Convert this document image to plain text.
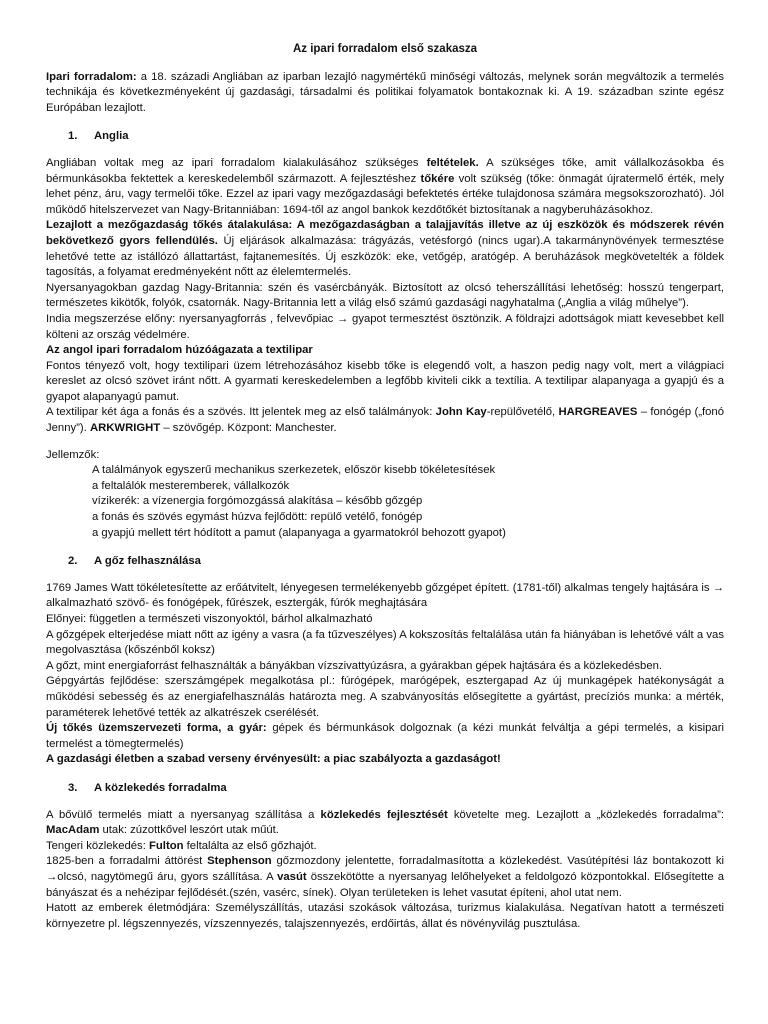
Az ipari forradalom első szakasza

Ipari forradalom: a 18. századi Angliában az iparban lezajló nagymértékű minőségi változás, melynek során megváltozik a termelés technikája és következményeként új gazdasági, társadalmi és politikai folyamatok bontakoznak ki. A 19. században szinte egész Európában lezajlott.

1. Anglia

Angliában voltak meg az ipari forradalom kialakulásához szükséges feltételek. A szükséges tőke, amit vállalkozásokba és bérmunkásokba fektettek a kereskedelemből származott. A fejlesztéshez tőkére volt szükség (tőke: önmagát újratermelő érték, mely lehet pénz, áru, vagy termelői tőke. Ezzel az ipari vagy mezőgazdasági befektetés értéke tulajdonosa számára megsokszorozható). Jól működő hitelszervezet van Nagy-Britanniában: 1694-től az angol bankok kezdőtőkét biztosítanak a nagyberuházásokhoz.

Lezajlott a mezőgazdaság tőkés átalakulása: A mezőgazdaságban a talajjavítás illetve az új eszközök és módszerek révén bekövetkező gyors fellendülés. Új eljárások alkalmazása: trágyázás, vetésforgó (nincs ugar).A takarmánynövények termesztése lehetővé tette az istállózó állattartást, fajtanemesítés. Új eszközök: eke, vetőgép, aratógép. A beruházások megkövetelték a földek tagosítás, a folyamat eredményeként nőtt az élelemtermelés.

Nyersanyagokban gazdag Nagy-Britannia: szén és vasércbányák. Biztosított az olcsó teherszállítási lehetőség: hosszú tengerpart, természetes kikötők, folyók, csatornák. Nagy-Britannia lett a világ első számú gazdasági nagyhatalma („Anglia a világ műhelye”).

India megszerzése előny: nyersanyagforrás , felvevőpiac → gyapot termesztést ösztönzik. A földrajzi adottságok miatt kevesebbet kell költeni az ország védelmére.

Az angol ipari forradalom húzóágazata a textilipar

Fontos tényező volt, hogy textilipari üzem létrehozásához kisebb tőke is elegendő volt, a haszon pedig nagy volt, mert a világpiaci kereslet az olcsó szövet iránt nőtt. A gyarmati kereskedelemben a legfőbb kiviteli cikk a textília. A textilipar alapanyaga a gyapjú és a gyapot alapanyagú pamut.

A textilipar két ága a fonás és a szövés. Itt jelentek meg az első találmányok: John Kay-repülővetélő, HARGREAVES – fonógép („fonó Jenny”). ARKWRIGHT – szövőgép. Központ: Manchester.

Jellemzők:

A találmányok egyszerű mechanikus szerkezetek, először kisebb tökéletesítések
a feltalálók mesteremberek, vállalkozók
vízikerék: a vízenergia forgómozgássá alakítása – később gőzgép
a fonás és szövés egymást húzva fejlődött: repülő vetélő, fonógép
a gyapjú mellett tért hódított a pamut (alapanyaga a gyarmatokról behozott gyapot)
2. A gőz felhasználása

1769 James Watt tökéletesítette az erőátvitelt, lényegesen termelékenyebb gőzgépet épített. (1781-től) alkalmas tengely hajtására is → alkalmazható szövő- és fonógépek, fűrészek, esztergák, fúrók meghajtására

Előnyei: független a természeti viszonyoktól, bárhol alkalmazható

A gőzgépek elterjedése miatt nőtt az igény a vasra (a fa tűzveszélyes) A kokszosítás feltalálása után fa hiányában is lehetővé vált a vas megolvasztása (kőszénből koksz)

A gőzt, mint energiaforrást felhasználták a bányákban vízszivattyúzásra, a gyárakban gépek hajtására és a közlekedésben.

Gépgyártás fejlődése: szerszámgépek megalkotása pl.: fúrógépek, marógépek, esztergapad Az új munkagépek hatékonyságát a működési sebesség és az energiafelhasználás határozta meg. A szabványosítás elősegítette a gyártást, precíziós munka: a mérték, paraméterek lehetővé tették az alkatrészek cserélését.

Új tőkés üzemszervezeti forma, a gyár: gépek és bérmunkások dolgoznak (a kézi munkát felváltja a gépi termelés, a kisipari termelést a tömegtermelés)

A gazdasági életben a szabad verseny érvényesült: a piac szabályozta a gazdaságot!

3. A közlekedés forradalma

A bővülő termelés miatt a nyersanyag szállítása a közlekedés fejlesztését követelte meg. Lezajlott a „közlekedés forradalma”: MacAdam utak: zúzottkővel leszórt utak műút.

Tengeri közlekedés: Fulton feltalálta az első gőzhajót.

1825-ben a forradalmi áttörést Stephenson gőzmozdony jelentette, forradalmasította a közlekedést. Vasútépítési láz bontakozott ki →olcsó, nagytömegű áru, gyors szállítása. A vasút összekötötte a nyersanyag lelőhelyeket a feldolgozó központokkal. Elősegítette a bányászat és a nehézipar fejlődését.(szén, vasérc, sínek). Olyan területeken is lehet vasutat építeni, ahol utat nem.

Hatott az emberek életmódjára: Személyszállítás, utazási szokások változása, turizmus kialakulása. Negatívan hatott a természeti környezetre pl. légszennyezés, vízszennyezés, talajszennyezés, erdőirtás, állat és növényvilág pusztulása.
